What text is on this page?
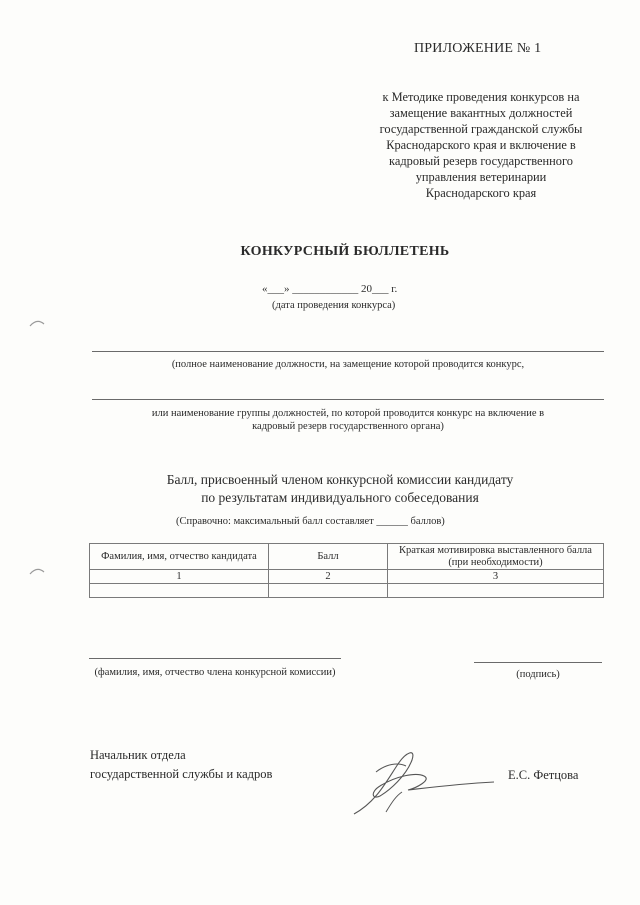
ПРИЛОЖЕНИЕ № 1
к Методике проведения конкурсов на
замещение вакантных должностей
государственной гражданской службы
Краснодарского края и включение в
кадровый резерв государственного
управления ветеринарии
Краснодарского края
КОНКУРСНЫЙ БЮЛЛЕТЕНЬ
«___» ____________ 20___ г.
(дата проведения конкурса)
(полное наименование должности, на замещение которой проводится конкурс,
или наименование группы должностей, по которой проводится конкурс на включение в
кадровый резерв государственного органа)
Балл, присвоенный членом конкурсной комиссии кандидату
по результатам индивидуального собеседования
(Справочно: максимальный балл составляет ______ баллов)
Фамилия, имя, отчество кандидата	Балл	Краткая мотивировка выставленного балла (при необходимости)
1	2	3

(фамилия, имя, отчество члена конкурсной комиссии)	(подпись)
Начальник отдела
государственной службы и кадров	Е.С. Фетцова
